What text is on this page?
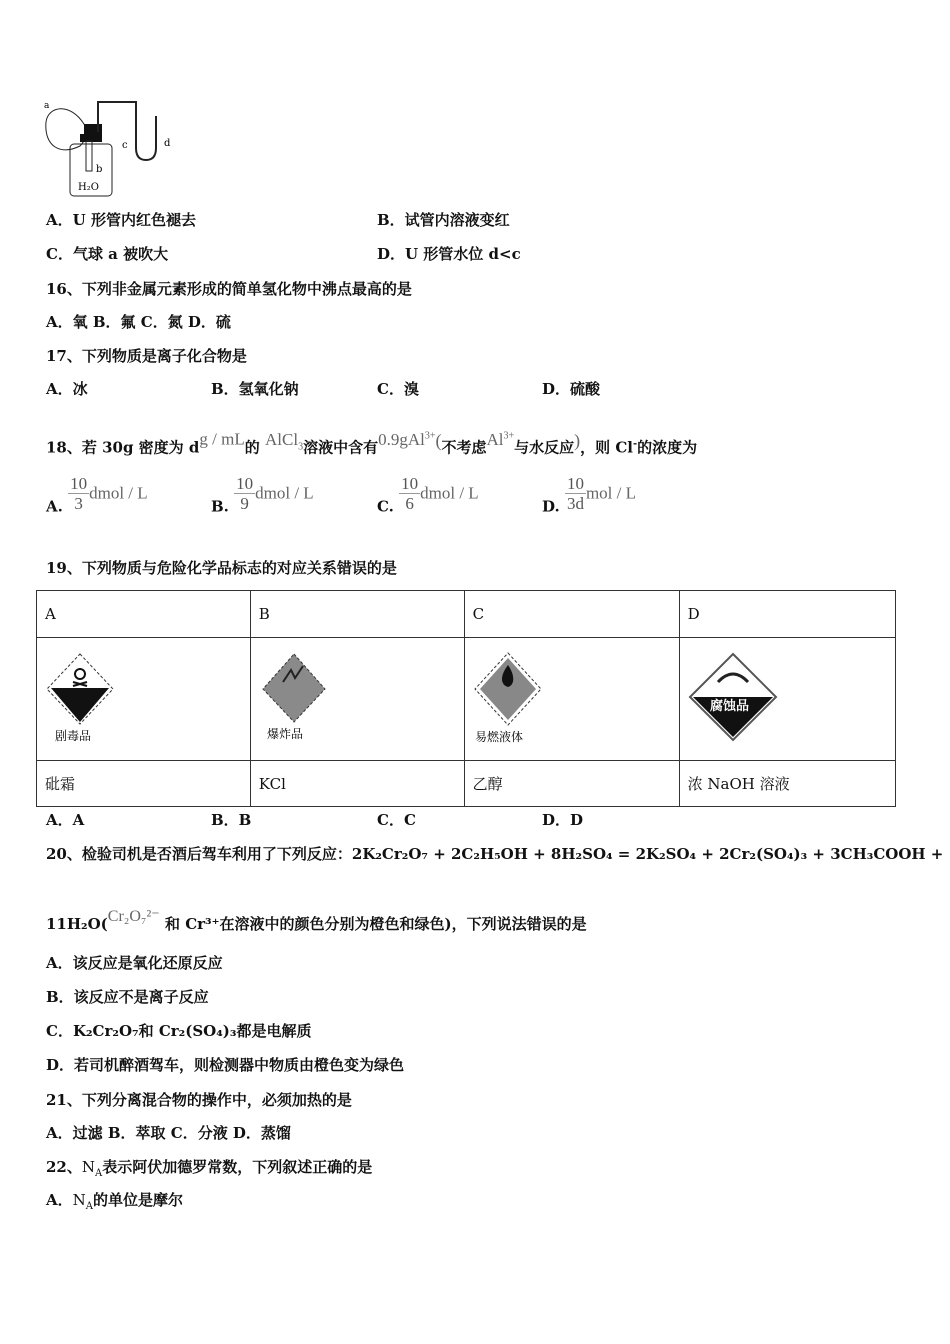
a
b
c	d
H₂O
A．U 形管内红色褪去	B．试管内溶液变红
C．气球 a 被吹大	D．U 形管水位 d<c
16、下列非金属元素形成的简单氢化物中沸点最高的是
A．氧 B．氟 C．氮 D．硫
17、下列物质是离子化合物是
A．冰	B．氢氧化钠	C．溴	D．硫酸
18、若 30g 密度为 dg / mL的 AlCl$_3$溶液中含有0.9gAl$^{3+}$(不考虑$Al^{3+}$与水反应)，则 Cl-的浓度为
A. $\frac{10}{3}$ dmol / L
B. $\frac{10}{9}$ dmol / L
C. $\frac{10}{6}$ dmol / L
D. $\frac{10}{3d}$ mol / L
19、下列物质与危险化学品标志的对应关系错误的是
A	B	C	D

剧毒品	爆炸品	易燃液体	腐蚀品

砒霜	KCl	乙醇	浓 NaOH 溶液
A．A	B．B	C．C	D．D
20、检验司机是否酒后驾车利用了下列反应：2K₂Cr₂O₇ + 2C₂H₅OH + 8H₂SO₄ = 2K₂SO₄ + 2Cr₂(SO₄)₃ + 3CH₃COOH +
11H₂O(Cr₂O₇²⁻ 和 Cr³⁺在溶液中的颜色分别为橙色和绿色)，下列说法错误的是
A．该反应是氧化还原反应
B．该反应不是离子反应
C．K₂Cr₂O₇和 Cr₂(SO₄)₃都是电解质
D．若司机醉酒驾车，则检测器中物质由橙色变为绿色
21、下列分离混合物的操作中，必须加热的是
A．过滤 B．萃取 C．分液 D．蒸馏
22、$N_A$表示阿伏加德罗常数，下列叙述正确的是
A．$N_A$的单位是摩尔
